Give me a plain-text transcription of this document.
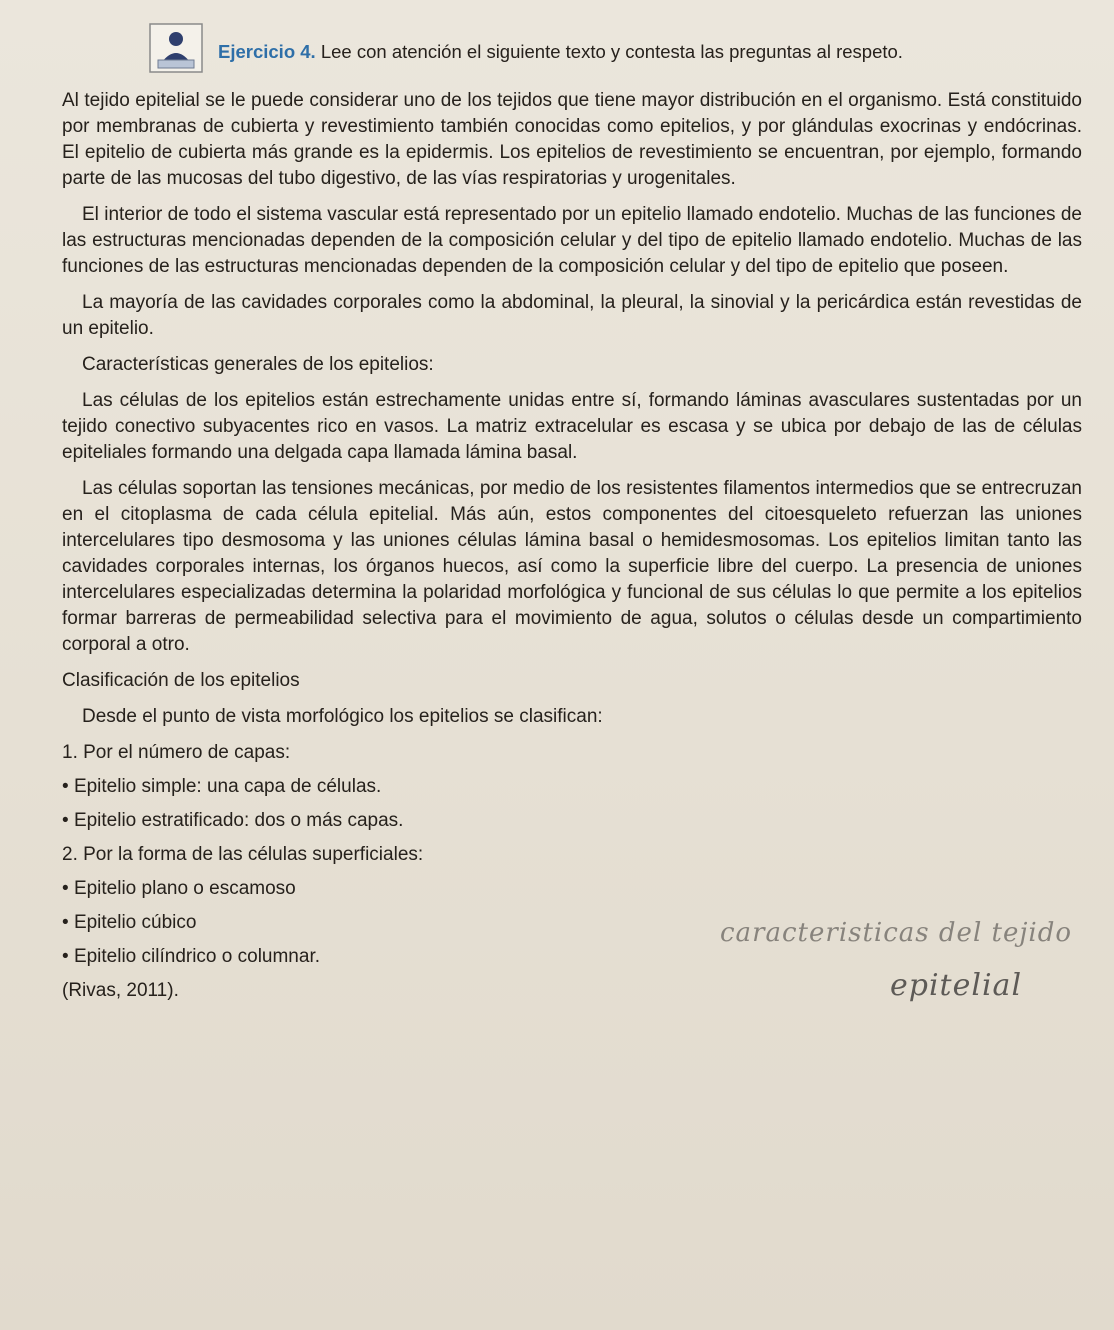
Ejercicio 4. Lee con atención el siguiente texto y contesta las preguntas al respeto.

Al tejido epitelial se le puede considerar uno de los tejidos que tiene mayor distribución en el organismo. Está constituido por membranas de cubierta y revestimiento también conocidas como epitelios, y por glándulas exocrinas y endócrinas. El epitelio de cubierta más grande es la epidermis. Los epitelios de revestimiento se encuentran, por ejemplo, formando parte de las mucosas del tubo digestivo, de las vías respiratorias y urogenitales.

El interior de todo el sistema vascular está representado por un epitelio llamado endotelio. Muchas de las funciones de las estructuras mencionadas dependen de la composición celular y del tipo de epitelio llamado endotelio. Muchas de las funciones de las estructuras mencionadas dependen de la composición celular y del tipo de epitelio que poseen.

La mayoría de las cavidades corporales como la abdominal, la pleural, la sinovial y la pericárdica están revestidas de un epitelio.

Características generales de los epitelios:

Las células de los epitelios están estrechamente unidas entre sí, formando láminas avasculares sustentadas por un tejido conectivo subyacentes rico en vasos. La matriz extracelular es escasa y se ubica por debajo de las de células epiteliales formando una delgada capa llamada lámina basal.

Las células soportan las tensiones mecánicas, por medio de los resistentes filamentos intermedios que se entrecruzan en el citoplasma de cada célula epitelial. Más aún, estos componentes del citoesqueleto refuerzan las uniones intercelulares tipo desmosoma y las uniones células lámina basal o hemidesmosomas. Los epitelios limitan tanto las cavidades corporales internas, los órganos huecos, así como la superficie libre del cuerpo. La presencia de uniones intercelulares especializadas determina la polaridad morfológica y funcional de sus células lo que permite a los epitelios formar barreras de permeabilidad selectiva para el movimiento de agua, solutos o células desde un compartimiento corporal a otro.

Clasificación de los epitelios

Desde el punto de vista morfológico los epitelios se clasifican:

1. Por el número de capas:
• Epitelio simple: una capa de células.
• Epitelio estratificado: dos o más capas.
2. Por la forma de las células superficiales:
• Epitelio plano o escamoso
• Epitelio cúbico
• Epitelio cilíndrico o columnar.

(Rivas, 2011).

caracteristicas del tejido
epitelial
